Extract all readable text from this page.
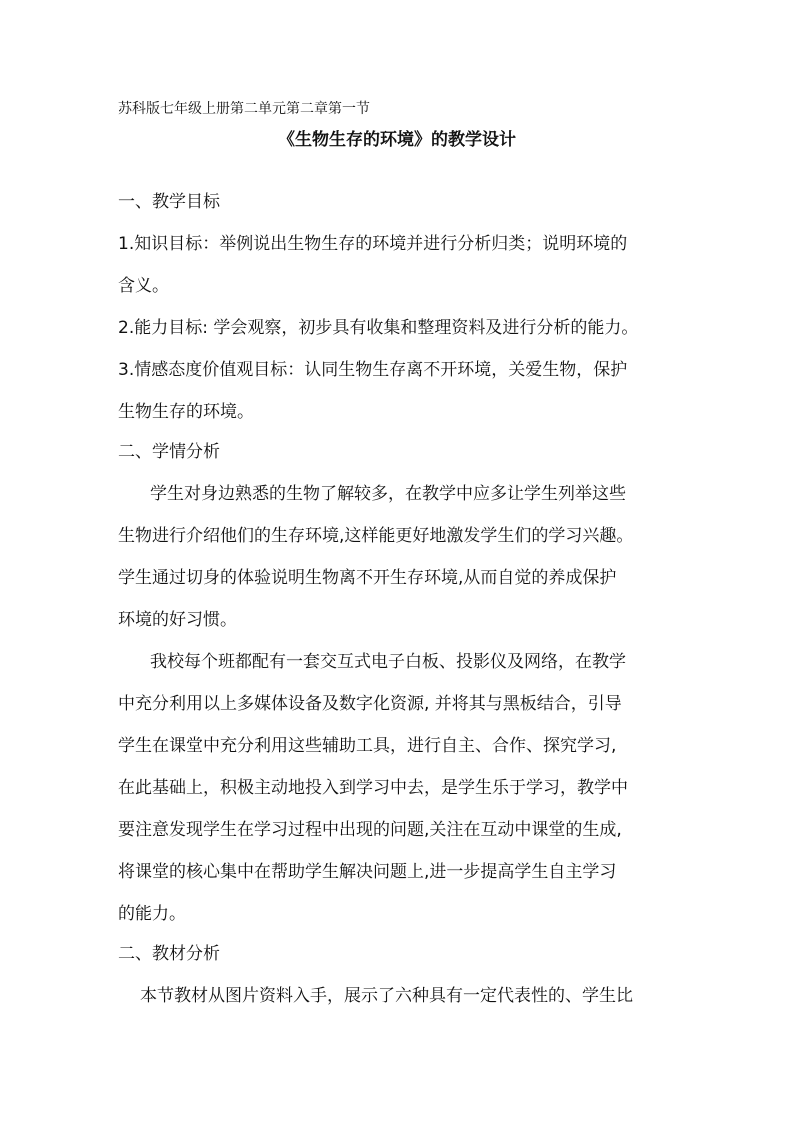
苏科版七年级上册第二单元第二章第一节
《生物生存的环境》的教学设计
一、教学目标
1.知识目标：举例说出生物生存的环境并进行分析归类；说明环境的
含义。
2.能力目标: 学会观察，初步具有收集和整理资料及进行分析的能力。
3.情感态度价值观目标：认同生物生存离不开环境，关爱生物，保护
生物生存的环境。
二、学情分析
学生对身边熟悉的生物了解较多，在教学中应多让学生列举这些
生物进行介绍他们的生存环境,这样能更好地激发学生们的学习兴趣。
学生通过切身的体验说明生物离不开生存环境,从而自觉的养成保护
环境的好习惯。
我校每个班都配有一套交互式电子白板、投影仪及网络，在教学
中充分利用以上多媒体设备及数字化资源, 并将其与黑板结合，引导
学生在课堂中充分利用这些辅助工具，进行自主、合作、探究学习,
在此基础上，积极主动地投入到学习中去，是学生乐于学习，教学中
要注意发现学生在学习过程中出现的问题,关注在互动中课堂的生成,
将课堂的核心集中在帮助学生解决问题上,进一步提高学生自主学习
的能力。
二、教材分析
本节教材从图片资料入手，展示了六种具有一定代表性的、学生比
